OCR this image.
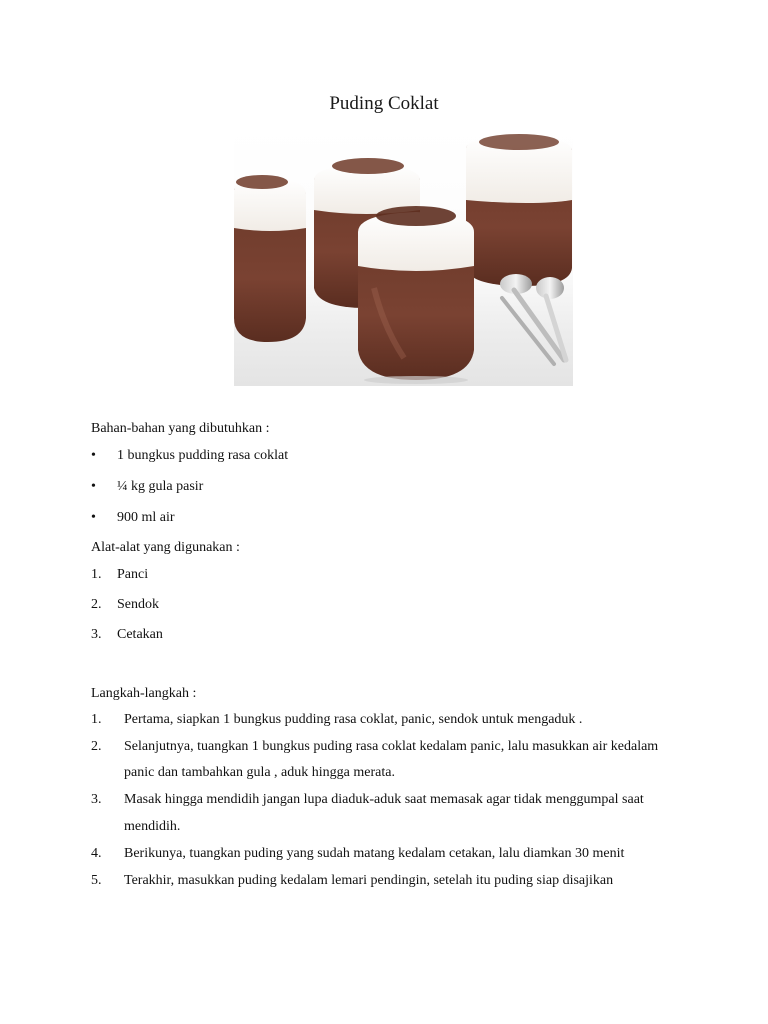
Puding Coklat
Bahan-bahan yang dibutuhkan :
• 1 bungkus pudding rasa coklat
• ¼ kg gula pasir
• 900 ml air
Alat-alat yang digunakan :
1. Panci
2. Sendok
3. Cetakan
Langkah-langkah :
1. Pertama, siapkan 1 bungkus pudding rasa coklat, panic, sendok untuk mengaduk .
2. Selanjutnya, tuangkan 1 bungkus puding rasa coklat kedalam panic, lalu masukkan air kedalam
panic dan tambahkan gula , aduk hingga merata.
3. Masak hingga mendidih jangan lupa diaduk-aduk saat memasak agar tidak menggumpal saat
mendidih.
4. Berikunya, tuangkan puding yang sudah matang kedalam cetakan, lalu diamkan 30 menit
5. Terakhir, masukkan puding kedalam lemari pendingin, setelah itu puding siap disajikan
